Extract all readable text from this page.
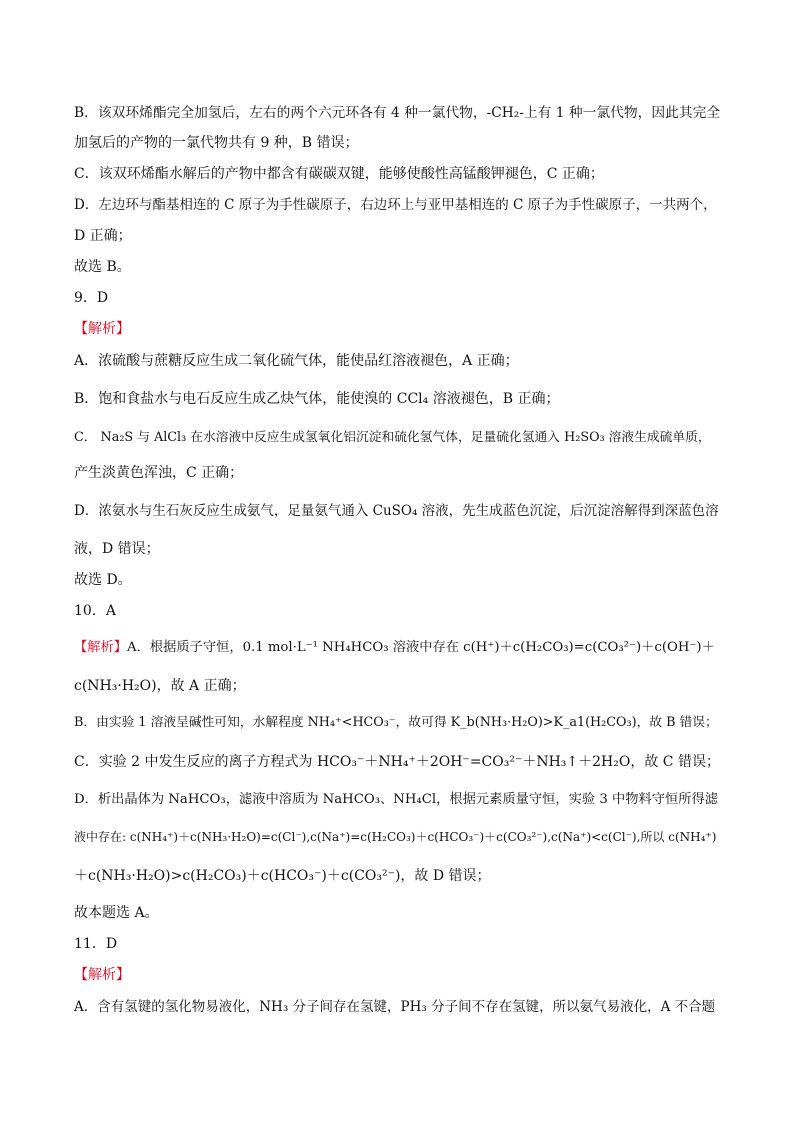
B．该双环烯酯完全加氢后，左右的两个六元环各有 4 种一氯代物，-CH₂-上有 1 种一氯代物，因此其完全
加氢后的产物的一氯代物共有 9 种，B 错误；
C．该双环烯酯水解后的产物中都含有碳碳双键，能够使酸性高锰酸钾褪色，C 正确；
D．左边环与酯基相连的 C 原子为手性碳原子，右边环上与亚甲基相连的 C 原子为手性碳原子，一共两个，
D 正确；
故选 B。
9．D
【解析】
A．浓硫酸与蔗糖反应生成二氧化硫气体，能使品红溶液褪色，A 正确；
B．饱和食盐水与电石反应生成乙炔气体，能使溴的 CCl₄ 溶液褪色，B 正确；
C． Na₂S 与 AlCl₃ 在水溶液中反应生成氢氧化铝沉淀和硫化氢气体，足量硫化氢通入 H₂SO₃ 溶液生成硫单质，
产生淡黄色浑浊，C 正确；
D．浓氨水与生石灰反应生成氨气，足量氨气通入 CuSO₄ 溶液，先生成蓝色沉淀，后沉淀溶解得到深蓝色溶
液，D 错误；
故选 D。
10．A
【解析】A．根据质子守恒，0.1 mol·L⁻¹ NH₄HCO₃ 溶液中存在 c(H⁺)＋c(H₂CO₃)=c(CO₃²⁻)＋c(OH⁻)＋
c(NH₃·H₂O)，故 A 正确；
B．由实验 1 溶液呈碱性可知，水解程度 NH₄⁺<HCO₃⁻，故可得 K_b(NH₃·H₂O)>K_a1(H₂CO₃)，故 B 错误；
C．实验 2 中发生反应的离子方程式为 HCO₃⁻＋NH₄⁺＋2OH⁻=CO₃²⁻＋NH₃↑＋2H₂O，故 C 错误；
D．析出晶体为 NaHCO₃，滤液中溶质为 NaHCO₃、NH₄Cl，根据元素质量守恒，实验 3 中物料守恒所得滤
液中存在: c(NH₄⁺)＋c(NH₃·H₂O)=c(Cl⁻),c(Na⁺)=c(H₂CO₃)＋c(HCO₃⁻)＋c(CO₃²⁻),c(Na⁺)<c(Cl⁻),所以 c(NH₄⁺)
＋c(NH₃·H₂O)>c(H₂CO₃)＋c(HCO₃⁻)＋c(CO₃²⁻)，故 D 错误；
故本题选 A。
11．D
【解析】
A．含有氢键的氢化物易液化，NH₃ 分子间存在氢键，PH₃ 分子间不存在氢键，所以氨气易液化，A 不合题
